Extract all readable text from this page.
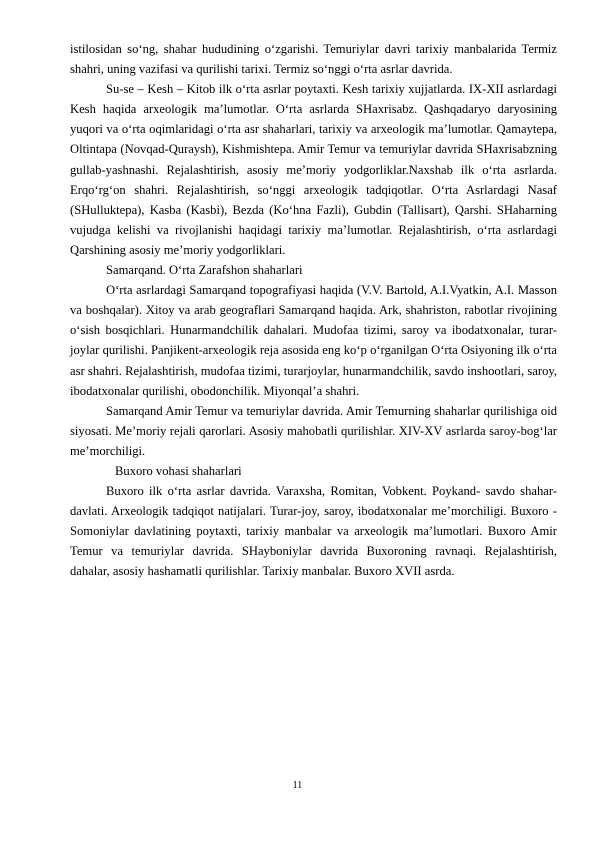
istilosidan so‘ng, shahar hududining o‘zgarishi. Temuriylar davri tarixiy manbalarida Termiz shahri, uning vazifasi va qurilishi tarixi. Termiz so‘nggi o‘rta asrlar davrida.

Su-se – Kesh – Kitob ilk o‘rta asrlar poytaxti. Kesh tarixiy xujjatlarda. IX-XII asrlardagi Kesh haqida arxeologik ma’lumotlar. O‘rta asrlarda SHaxrisabz. Qashqadaryo daryosining yuqori va o‘rta oqimlaridagi o‘rta asr shaharlari, tarixiy va arxeologik ma’lumotlar. Qamaytepa, Oltintapa (Novqad-Quraysh), Kishmishtepa. Amir Temur va temuriylar davrida SHaxrisabzning gullab-yashnashi. Rejalashtirish, asosiy me’moriy yodgorliklar.Naxshab ilk o‘rta asrlarda. Erqo‘rg‘on shahri. Rejalashtirish, so‘nggi arxeologik tadqiqotlar. O‘rta Asrlardagi Nasaf (SHulluktepa), Kasba (Kasbi), Bezda (Ko‘hna Fazli), Gubdin (Tallisart), Qarshi. SHaharning vujudga kelishi va rivojlanishi haqidagi tarixiy ma’lumotlar. Rejalashtirish, o‘rta asrlardagi Qarshining asosiy me’moriy yodgorliklari.

Samarqand. O‘rta Zarafshon shaharlari

O‘rta asrlardagi Samarqand topografiyasi haqida (V.V. Bartold, A.I.Vyatkin, A.I. Masson va boshqalar). Xitoy va arab geograflari Samarqand haqida. Ark, shahriston, rabotlar rivojining o‘sish bosqichlari. Hunarmandchilik dahalari. Mudofaa tizimi, saroy va ibodatxonalar, turar- joylar qurilishi. Panjikent-arxeologik reja asosida eng ko‘p o‘rganilgan O‘rta Osiyoning ilk o‘rta asr shahri. Rejalashtirish, mudofaa tizimi, turarjoylar, hunarmandchilik, savdo inshootlari, saroy, ibodatxonalar qurilishi, obodonchilik. Miyonqal’a shahri.

Samarqand Amir Temur va temuriylar davrida. Amir Temurning shaharlar qurilishiga oid siyosati. Me’moriy rejali qarorlari. Asosiy mahobatli qurilishlar. XIV-XV asrlarda saroy-bog‘lar me’morchiligi.

Buxoro vohasi shaharlari

Buxoro ilk o‘rta asrlar davrida. Varaxsha, Romitan, Vobkent. Poykand- savdo shahar-davlati. Arxeologik tadqiqot natijalari. Turar-joy, saroy, ibodatxonalar me’morchiligi. Buxoro - Somoniylar davlatining poytaxti, tarixiy manbalar va arxeologik ma’lumotlari. Buxoro Amir Temur va temuriylar davrida. SHayboniylar davrida Buxoroning ravnaqi. Rejalashtirish, dahalar, asosiy hashamatli qurilishlar. Tarixiy manbalar. Buxoro XVII asrda.

11
